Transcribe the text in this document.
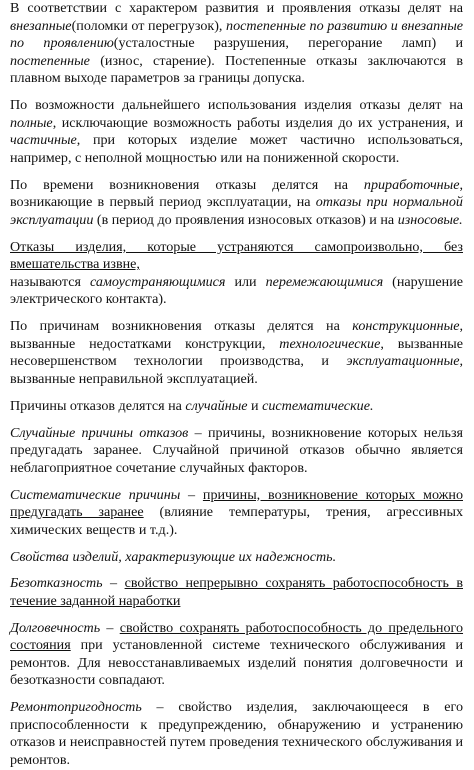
В соответствии с характером развития и проявления отказы делят на внезапные(поломки от перегрузок), постепенные по развитию и внезапные по проявлению(усталостные разрушения, перегорание ламп) и постепенные (износ, старение). Постепенные отказы заключаются в плавном выходе параметров за границы допуска.

По возможности дальнейшего использования изделия отказы делят на полные, исключающие возможность работы изделия до их устранения, и частичные, при которых изделие может частично использоваться, например, с неполной мощностью или на пониженной скорости.

По времени возникновения отказы делятся на приработочные, возникающие в первый период эксплуатации, на отказы при нормальной эксплуатации (в период до проявления износовых отказов) и на износовые.

Отказы изделия, которые устраняются самопроизвольно, без вмешательства извне,
называются самоустраняющимися или перемежающимися (нарушение электрического контакта).

По причинам возникновения отказы делятся на конструкционные, вызванные недостатками конструкции, технологические, вызванные несовершенством технологии производства, и эксплуатационные, вызванные неправильной эксплуатацией.

Причины отказов делятся на случайные и систематические.

Случайные причины отказов – причины, возникновение которых нельзя предугадать заранее. Случайной причиной отказов обычно является неблагоприятное сочетание случайных факторов.

Систематические причины – причины, возникновение которых можно предугадать заранее (влияние температуры, трения, агрессивных химических веществ и т.д.).

Свойства изделий, характеризующие их надежность.

Безотказность – свойство непрерывно сохранять работоспособность в течение заданной наработки

Долговечность – свойство сохранять работоспособность до предельного состояния при установленной системе технического обслуживания и ремонтов. Для невосстанавливаемых изделий понятия долговечности и безотказности совпадают.

Ремонтопригодность – свойство изделия, заключающееся в его приспособленности к предупреждению, обнаружению и устранению отказов и неисправностей путем проведения технического обслуживания и ремонтов.
